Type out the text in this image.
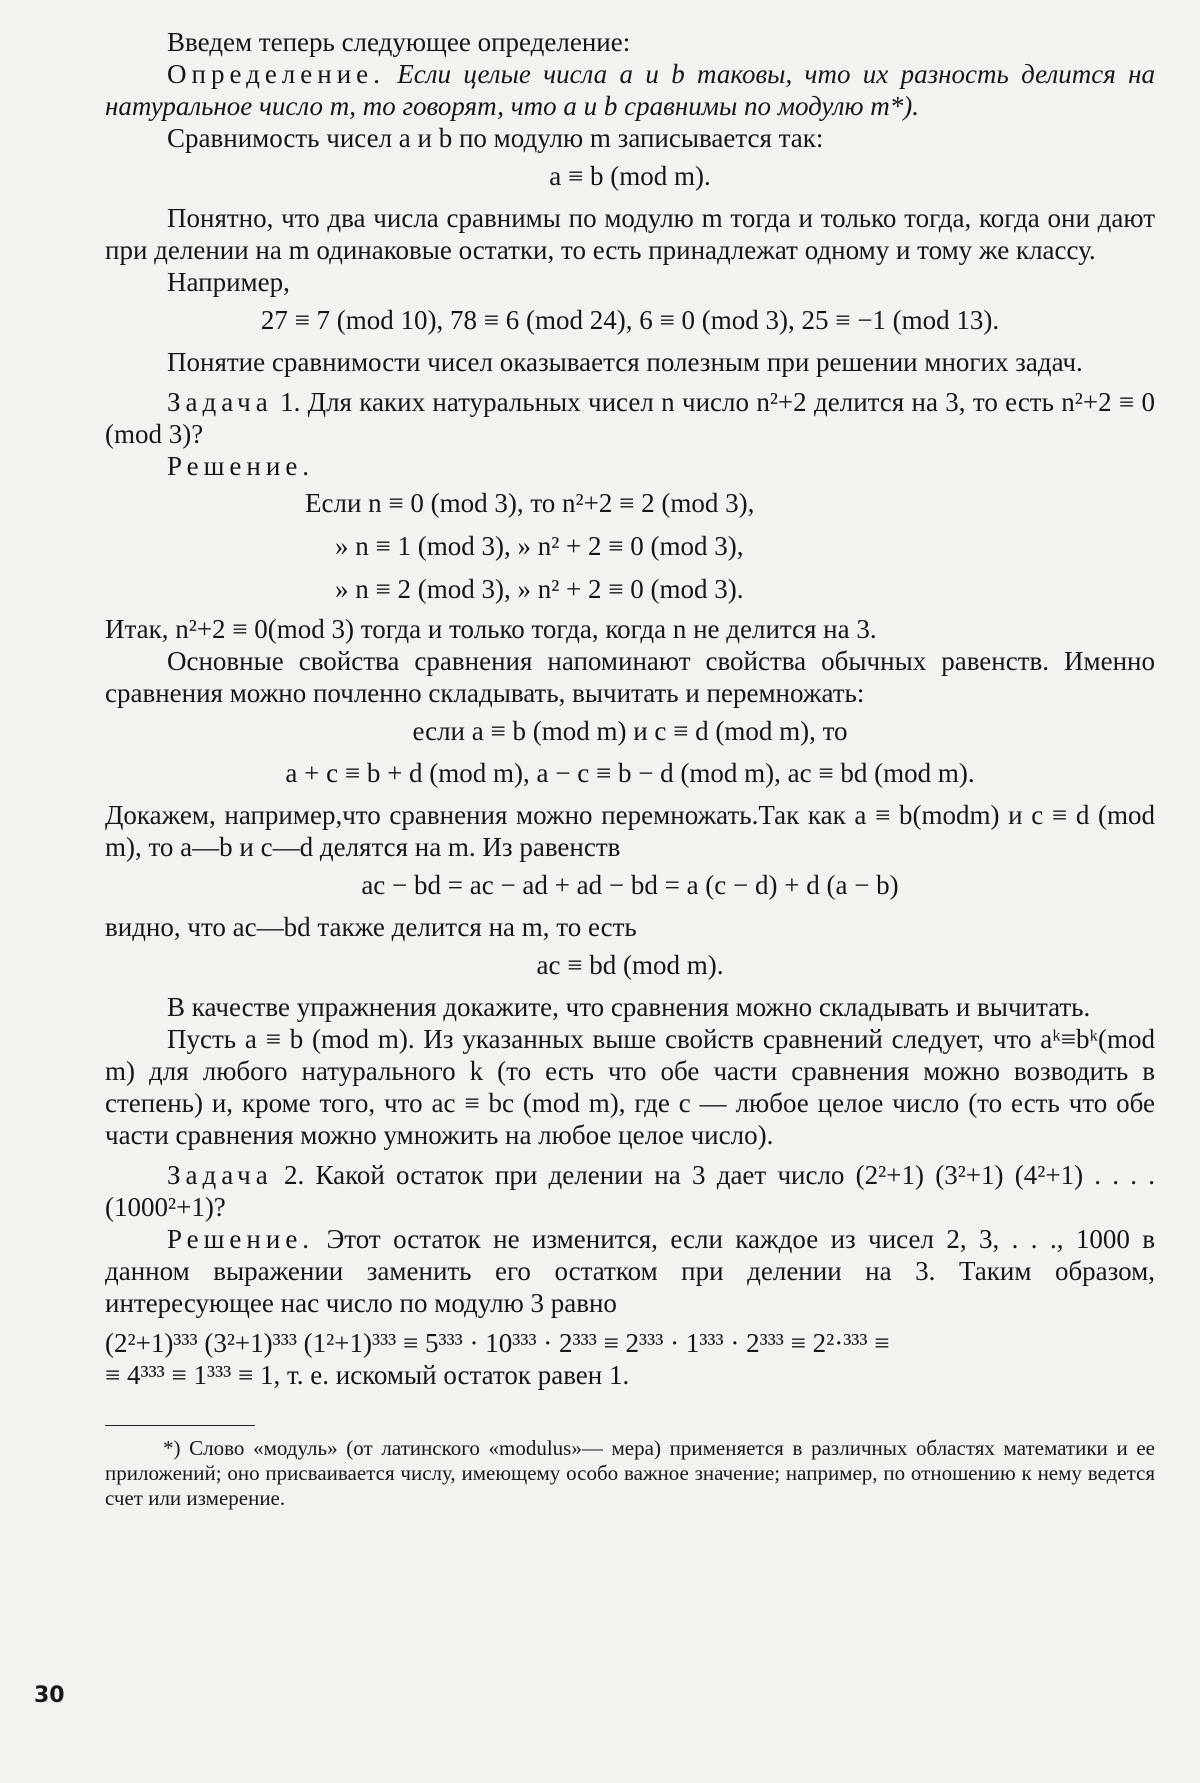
Введем теперь следующее определение:

Определение. Если целые числа a и b таковы, что их разность делится на натуральное число m, то говорят, что a и b сравнимы по модулю m*).

Сравнимость чисел a и b по модулю m записывается так:

a ≡ b (mod m).

Понятно, что два числа сравнимы по модулю m тогда и только тогда, когда они дают при делении на m одинаковые остатки, то есть принадлежат одному и тому же классу.

Например,

27 ≡ 7 (mod 10), 78 ≡ 6 (mod 24), 6 ≡ 0 (mod 3), 25 ≡ −1 (mod 13).

Понятие сравнимости чисел оказывается полезным при решении многих задач.

Задача 1. Для каких натуральных чисел n число n²+2 делится на 3, то есть n²+2 ≡ 0 (mod 3)?

Решение.

Если n ≡ 0 (mod 3), то n²+2 ≡ 2 (mod 3),
» n ≡ 1 (mod 3), » n² + 2 ≡ 0 (mod 3),
» n ≡ 2 (mod 3), » n² + 2 ≡ 0 (mod 3).

Итак, n²+2 ≡ 0(mod 3) тогда и только тогда, когда n не делится на 3.

Основные свойства сравнения напоминают свойства обычных равенств. Именно сравнения можно почленно складывать, вычитать и перемножать:

если a ≡ b (mod m) и c ≡ d (mod m), то

a + c ≡ b + d (mod m), a − c ≡ b − d (mod m), ac ≡ bd (mod m).

Докажем, например,что сравнения можно перемножать.Так как a ≡ b(modm) и c ≡ d (mod m), то a—b и c—d делятся на m. Из равенств

ac − bd = ac − ad + ad − bd = a (c − d) + d (a − b)

видно, что ac—bd также делится на m, то есть

ac ≡ bd (mod m).

В качестве упражнения докажите, что сравнения можно складывать и вычитать.

Пусть a ≡ b (mod m). Из указанных выше свойств сравнений следует, что aᵏ≡bᵏ(mod m) для любого натурального k (то есть что обе части сравнения можно возводить в степень) и, кроме того, что ac ≡ bc (mod m), где c — любое целое число (то есть что обе части сравнения можно умножить на любое целое число).

Задача 2. Какой остаток при делении на 3 дает число (2²+1) (3²+1) (4²+1) . . . . (1000²+1)?

Решение. Этот остаток не изменится, если каждое из чисел 2, 3, . . ., 1000 в данном выражении заменить его остатком при делении на 3. Таким образом, интересующее нас число по модулю 3 равно

(2²+1)³³³ (3²+1)³³³ (1²+1)³³³ ≡ 5³³³ · 10³³³ · 2³³³ ≡ 2³³³ · 1³³³ · 2³³³ ≡ 2²·³³³ ≡

≡ 4³³³ ≡ 1³³³ ≡ 1, т. е. искомый остаток равен 1.

*) Слово «модуль» (от латинского «modulus»— мера) применяется в различных областях математики и ее приложений; оно присваивается числу, имеющему особо важное значение; например, по отношению к нему ведется счет или измерение.

30
